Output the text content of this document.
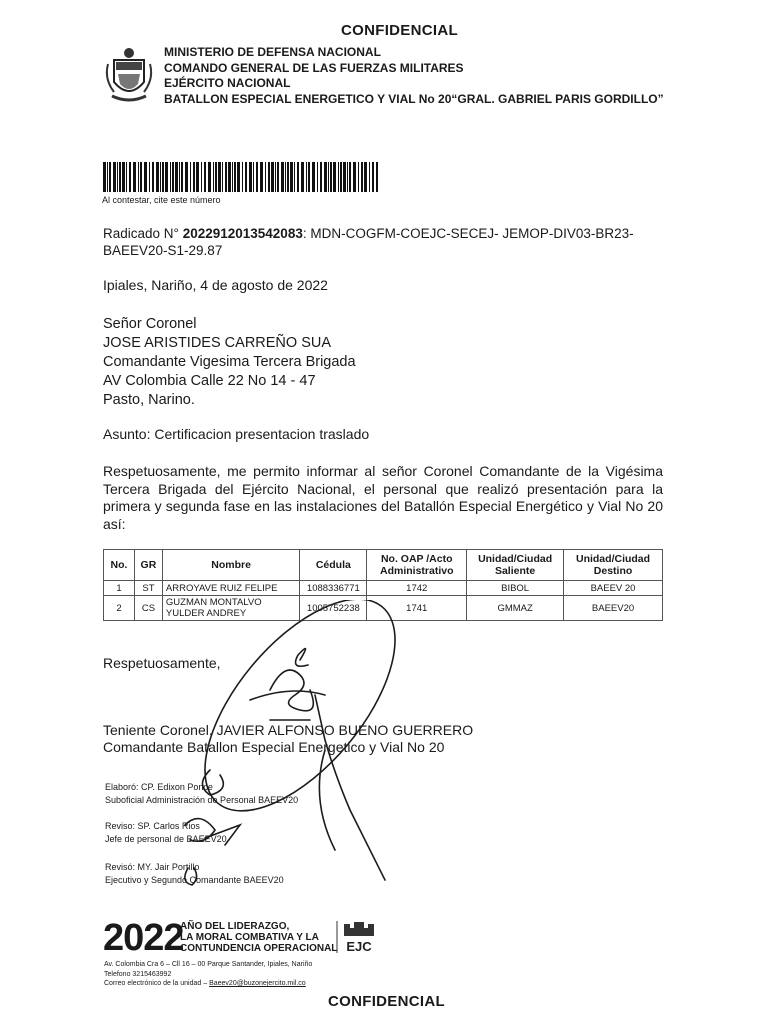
CONFIDENCIAL
MINISTERIO DE DEFENSA NACIONAL
COMANDO GENERAL DE LAS FUERZAS MILITARES
EJÉRCITO NACIONAL
BATALLON ESPECIAL ENERGETICO Y VIAL No 20“GRAL. GABRIEL PARIS GORDILLO”
Al contestar, cite este número
Radicado N° 2022912013542083: MDN-COGFM-COEJC-SECEJ- JEMOP-DIV03-BR23-BAEEV20-S1-29.87
Ipiales, Nariño, 4 de agosto de 2022
Señor Coronel
JOSE ARISTIDES CARREÑO SUA
Comandante Vigesima Tercera Brigada
AV Colombia Calle 22 No 14 - 47
Pasto, Narino.
Asunto: Certificacion presentacion traslado
Respetuosamente, me permito informar al señor Coronel Comandante de la Vigésima Tercera Brigada del Ejército Nacional, el personal que realizó presentación para la primera y segunda fase en las instalaciones del Batallón Especial Energético y Vial No 20 así:
No.	GR	Nombre	Cédula	No. OAP /Acto Administrativo	Unidad/Ciudad Saliente	Unidad/Ciudad Destino
1	ST	ARROYAVE RUIZ FELIPE	1088336771	1742	BIBOL	BAEEV 20
2	CS	GUZMAN MONTALVO YULDER ANDREY	1005752238	1741	GMMAZ	BAEEV20
Respetuosamente,
Teniente Coronel. JAVIER ALFONSO BUENO GUERRERO
Comandante Batallon Especial Energetico y Vial No 20
Elaboró: CP. Edixon Ponce
Suboficial Administración de Personal BAEEV20
Reviso: SP. Carlos Rios
Jefe de personal de BAEEV20
Revisó: MY. Jair Portillo
Ejecutivo y Segundo Comandante BAEEV20
2022
AÑO DEL LIDERAZGO,
LA MORAL COMBATIVA Y LA
CONTUNDENCIA OPERACIONAL EJC
Av. Colombia Cra 6 – Cll 16 – 00 Parque Santander, Ipiales, Nariño
Telefono 3215463992
Correo electrónico de la unidad – Baeev20@buzonejercito.mil.co
CONFIDENCIAL
